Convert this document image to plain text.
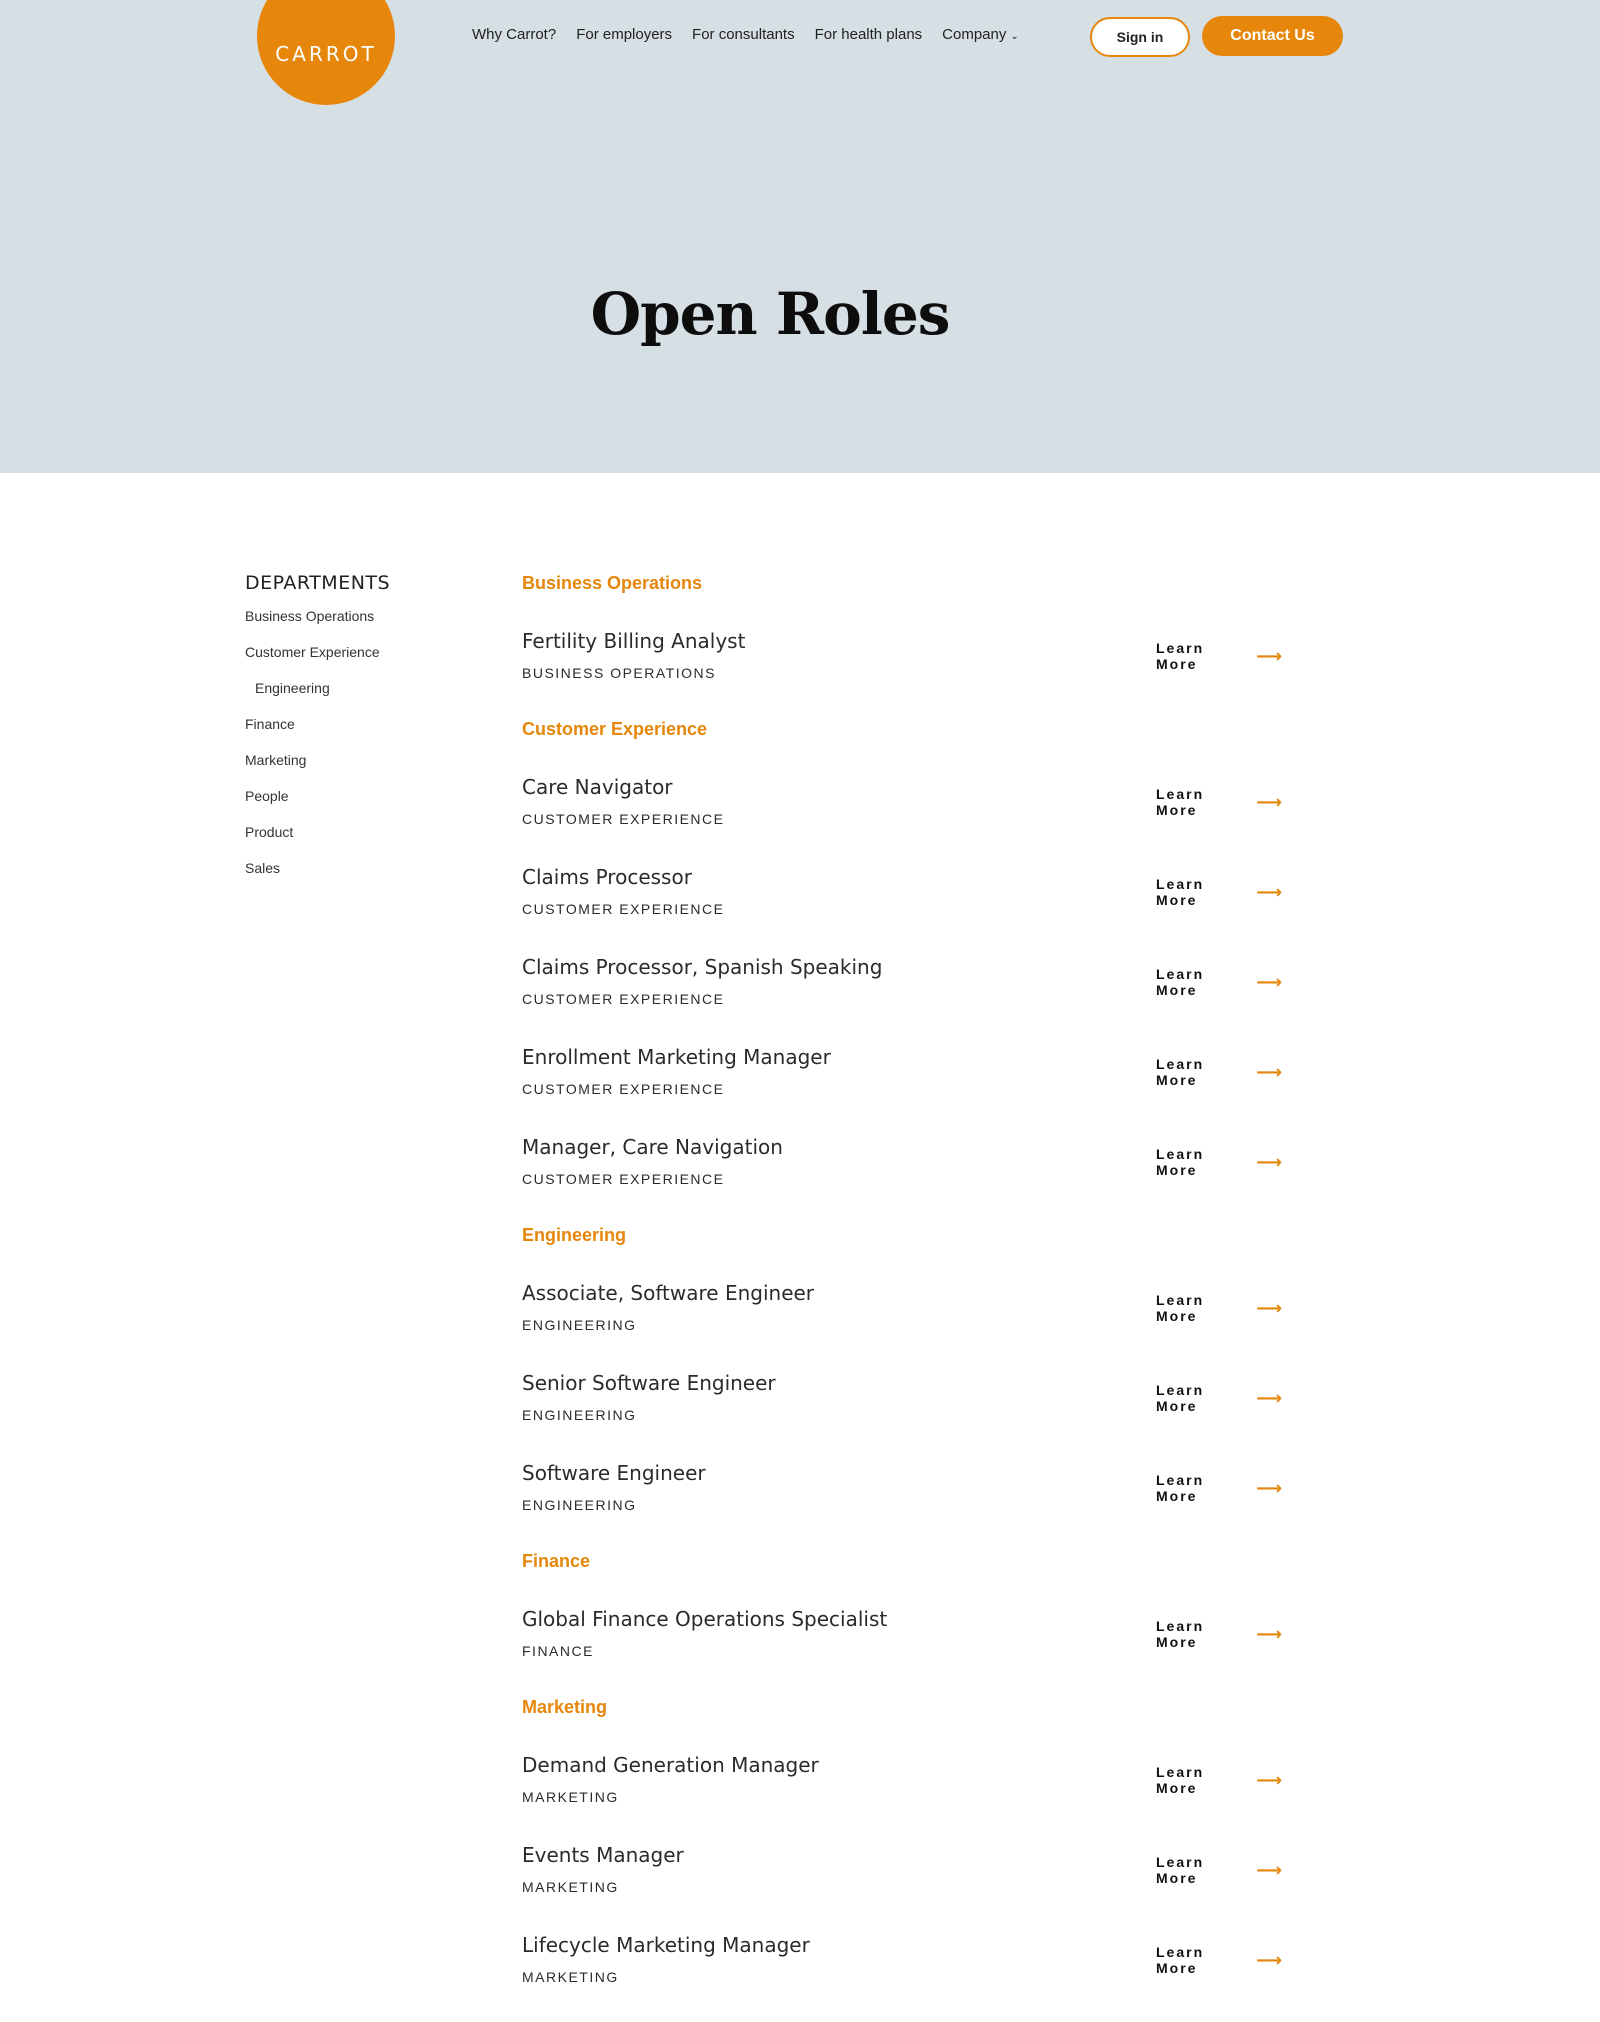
CARROT
Why Carrot? For employers For consultants For health plans Company ⌄	Sign in	Contact Us
Open Roles
DEPARTMENTS
Business Operations
Customer Experience
Engineering
Finance
Marketing
People
Product
Sales
Business Operations
Fertility Billing Analyst
BUSINESS OPERATIONS
Learn More	⟶
Customer Experience
Care Navigator
CUSTOMER EXPERIENCE
Learn More	⟶
Claims Processor
CUSTOMER EXPERIENCE
Learn More	⟶
Claims Processor, Spanish Speaking
CUSTOMER EXPERIENCE
Learn More	⟶
Enrollment Marketing Manager
CUSTOMER EXPERIENCE
Learn More	⟶
Manager, Care Navigation
CUSTOMER EXPERIENCE
Learn More	⟶
Engineering
Associate, Software Engineer
ENGINEERING
Learn More	⟶
Senior Software Engineer
ENGINEERING
Learn More	⟶
Software Engineer
ENGINEERING
Learn More	⟶
Finance
Global Finance Operations Specialist
FINANCE
Learn More	⟶
Marketing
Demand Generation Manager
MARKETING
Learn More	⟶
Events Manager
MARKETING
Learn More	⟶
Lifecycle Marketing Manager
MARKETING
Learn More	⟶
